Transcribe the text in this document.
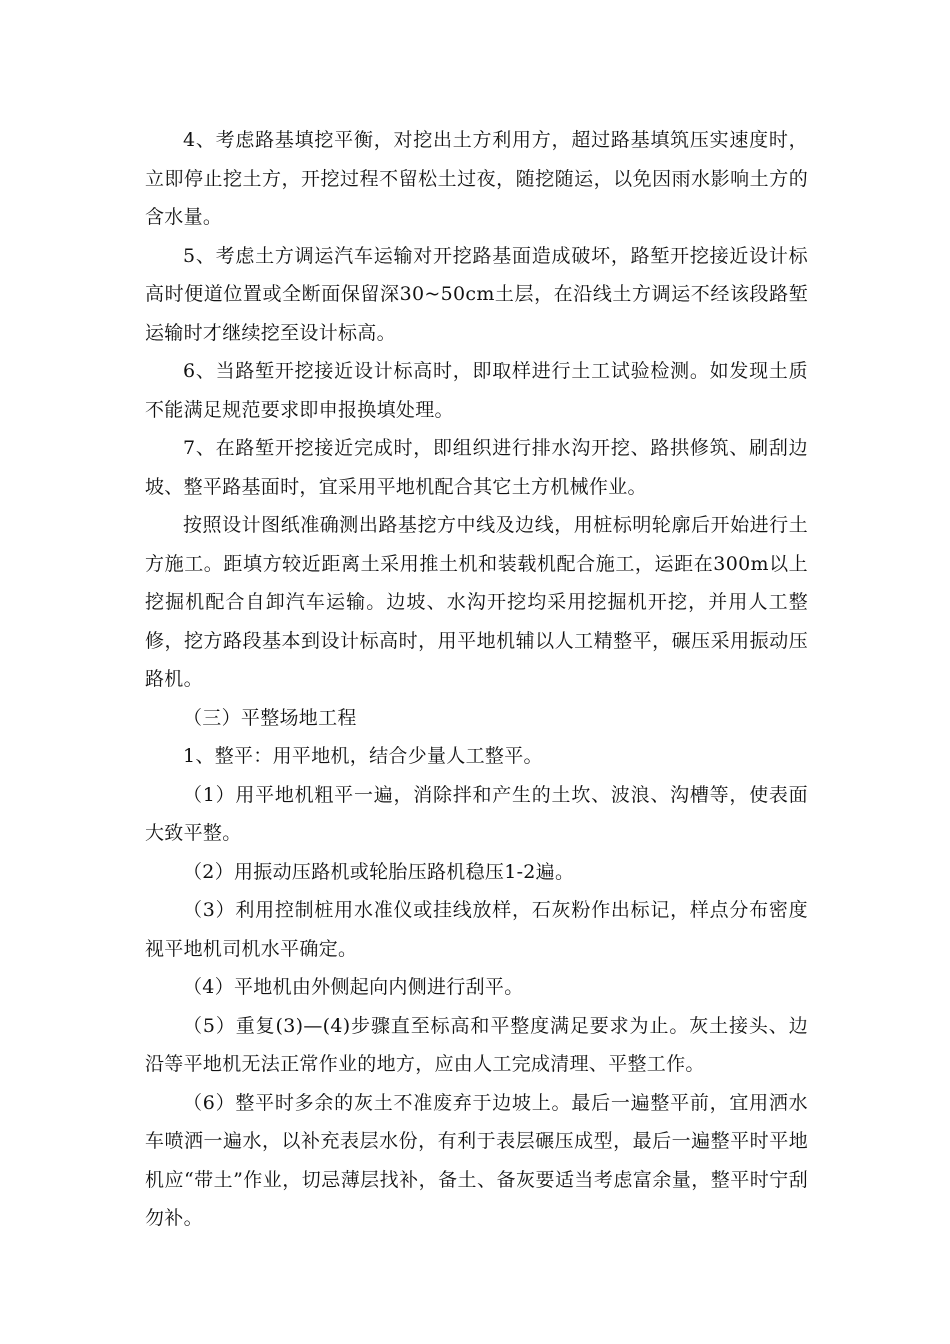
4、考虑路基填挖平衡，对挖出土方利用方，超过路基填筑压实速度时，立即停止挖土方，开挖过程不留松土过夜，随挖随运，以免因雨水影响土方的含水量。

5、考虑土方调运汽车运输对开挖路基面造成破坏，路堑开挖接近设计标高时便道位置或全断面保留深30~50cm土层，在沿线土方调运不经该段路堑运输时才继续挖至设计标高。

6、当路堑开挖接近设计标高时，即取样进行土工试验检测。如发现土质不能满足规范要求即申报换填处理。

7、在路堑开挖接近完成时，即组织进行排水沟开挖、路拱修筑、刷刮边坡、整平路基面时，宜采用平地机配合其它土方机械作业。

按照设计图纸准确测出路基挖方中线及边线，用桩标明轮廓后开始进行土方施工。距填方较近距离土采用推土机和装载机配合施工，运距在300m以上挖掘机配合自卸汽车运输。边坡、水沟开挖均采用挖掘机开挖，并用人工整修，挖方路段基本到设计标高时，用平地机辅以人工精整平，碾压采用振动压路机。

（三）平整场地工程

1、整平：用平地机，结合少量人工整平。

（1）用平地机粗平一遍，消除拌和产生的土坎、波浪、沟槽等，使表面大致平整。

（2）用振动压路机或轮胎压路机稳压1-2遍。

（3）利用控制桩用水准仪或挂线放样，石灰粉作出标记，样点分布密度视平地机司机水平确定。

（4）平地机由外侧起向内侧进行刮平。

（5）重复(3)—(4)步骤直至标高和平整度满足要求为止。灰土接头、边沿等平地机无法正常作业的地方，应由人工完成清理、平整工作。

（6）整平时多余的灰土不准废弃于边坡上。最后一遍整平前，宜用洒水车喷洒一遍水，以补充表层水份，有利于表层碾压成型，最后一遍整平时平地机应“带土”作业，切忌薄层找补，备土、备灰要适当考虑富余量，整平时宁刮勿补。
